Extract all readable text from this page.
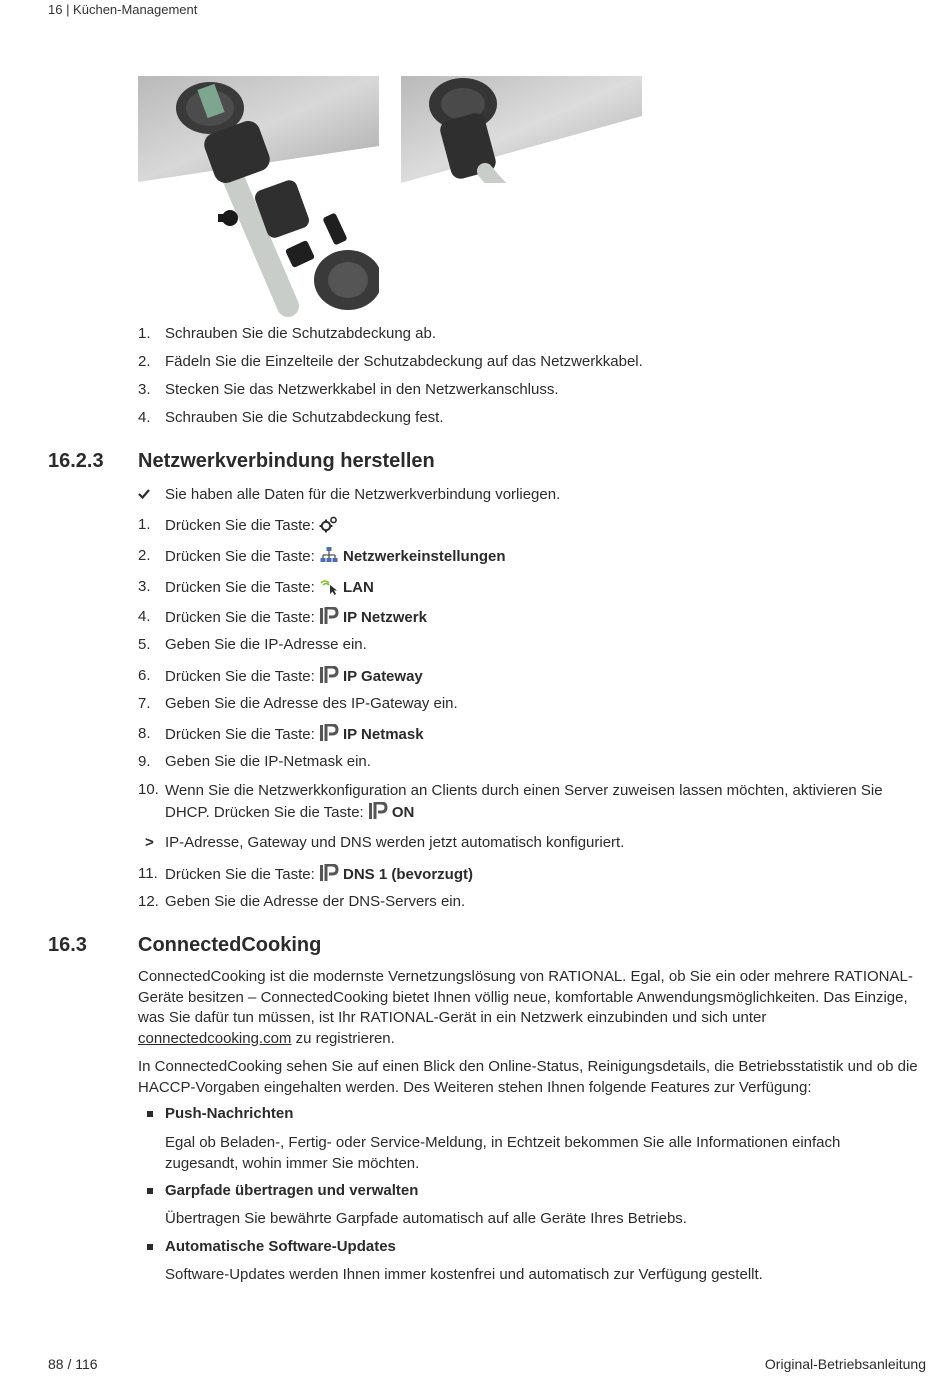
16 | Küchen-Management
1. Schrauben Sie die Schutzabdeckung ab.
2. Fädeln Sie die Einzelteile der Schutzabdeckung auf das Netzwerkkabel.
3. Stecken Sie das Netzwerkkabel in den Netzwerkanschluss.
4. Schrauben Sie die Schutzabdeckung fest.
16.2.3 Netzwerkverbindung herstellen
Sie haben alle Daten für die Netzwerkverbindung vorliegen.
1. Drücken Sie die Taste:
2. Drücken Sie die Taste: Netzwerkeinstellungen
3. Drücken Sie die Taste: LAN
4. Drücken Sie die Taste: IP Netzwerk
5. Geben Sie die IP-Adresse ein.
6. Drücken Sie die Taste: IP Gateway
7. Geben Sie die Adresse des IP-Gateway ein.
8. Drücken Sie die Taste: IP Netmask
9. Geben Sie die IP-Netmask ein.
10. Wenn Sie die Netzwerkkonfiguration an Clients durch einen Server zuweisen lassen möchten, aktivieren Sie
DHCP. Drücken Sie die Taste: ON
> IP-Adresse, Gateway und DNS werden jetzt automatisch konfiguriert.
11. Drücken Sie die Taste: DNS 1 (bevorzugt)
12. Geben Sie die Adresse der DNS-Servers ein.
16.3	ConnectedCooking
ConnectedCooking ist die modernste Vernetzungslösung von RATIONAL. Egal, ob Sie ein oder mehrere RATIONAL-Geräte besitzen – ConnectedCooking bietet Ihnen völlig neue, komfortable Anwendungsmöglichkeiten. Das Einzige, was Sie dafür tun müssen, ist Ihr RATIONAL-Gerät in ein Netzwerk einzubinden und sich unter connectedcooking.com zu registrieren.
In ConnectedCooking sehen Sie auf einen Blick den Online-Status, Reinigungsdetails, die Betriebsstatistik und ob die HACCP-Vorgaben eingehalten werden. Des Weiteren stehen Ihnen folgende Features zur Verfügung:
Push-Nachrichten
Egal ob Beladen-, Fertig- oder Service-Meldung, in Echtzeit bekommen Sie alle Informationen einfach zugesandt, wohin immer Sie möchten.
Garpfade übertragen und verwalten
Übertragen Sie bewährte Garpfade automatisch auf alle Geräte Ihres Betriebs.
Automatische Software-Updates
Software-Updates werden Ihnen immer kostenfrei und automatisch zur Verfügung gestellt.
88 / 116	Original-Betriebsanleitung
